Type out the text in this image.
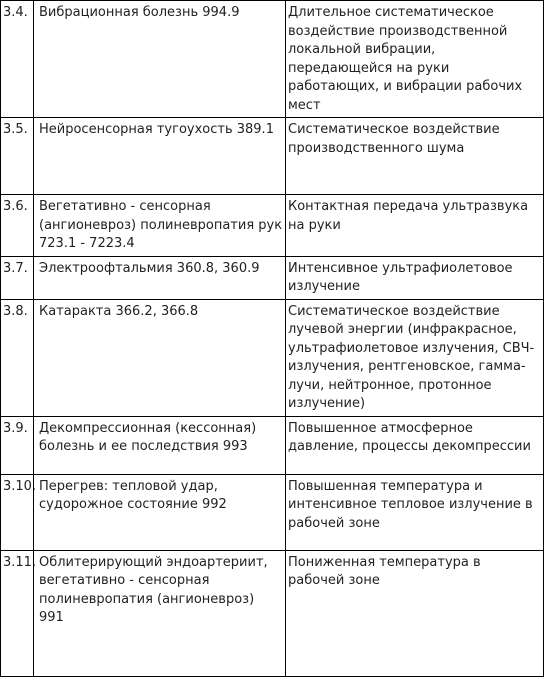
3.4.	Вибрационная болезнь 994.9	Длительное систематическое воздействие производственной локальной вибрации, передающейся на руки работающих, и вибрации рабочих мест
3.5.	Нейросенсорная тугоухость 389.1	Систематическое воздействие производственного шума
3.6.	Вегетативно - сенсорная (ангионевроз) полиневропатия рук 723.1 - 7223.4	Контактная передача ультразвука на руки
3.7.	Электроофтальмия 360.8, 360.9	Интенсивное ультрафиолетовое излучение
3.8.	Катаракта 366.2, 366.8	Систематическое воздействие лучевой энергии (инфракрасное, ультрафиолетовое излучения, СВЧ-излучения, рентгеновское, гамма-лучи, нейтронное, протонное излучение)
3.9.	Декомпрессионная (кессонная) болезнь и ее последствия 993	Повышенное атмосферное давление, процессы декомпрессии
3.10.	Перегрев: тепловой удар, судорожное состояние 992	Повышенная температура и интенсивное тепловое излучение в рабочей зоне
3.11.	Облитерирующий эндоартериит, вегетативно - сенсорная полиневропатия (ангионевроз) 991	Пониженная температура в рабочей зоне
